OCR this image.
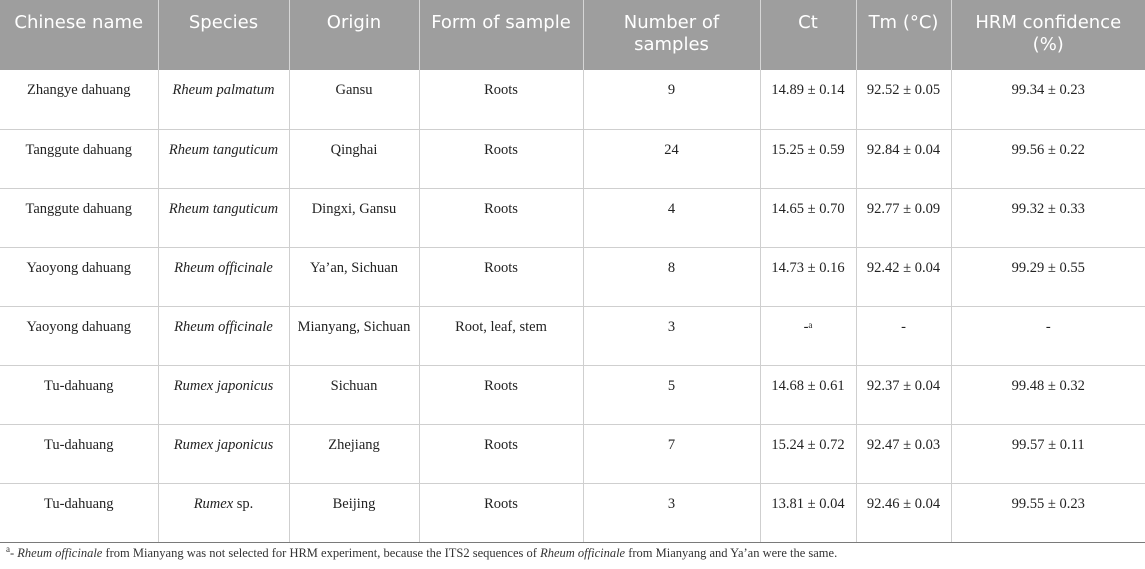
Chinese name	Species	Origin	Form of sample	Number of samples	Ct	Tm (°C)	HRM confidence (%)
Zhangye dahuang	Rheum palmatum	Gansu	Roots	9	14.89 ± 0.14	92.52 ± 0.05	99.34 ± 0.23
Tanggute dahuang	Rheum tanguticum	Qinghai	Roots	24	15.25 ± 0.59	92.84 ± 0.04	99.56 ± 0.22
Tanggute dahuang	Rheum tanguticum	Dingxi, Gansu	Roots	4	14.65 ± 0.70	92.77 ± 0.09	99.32 ± 0.33
Yaoyong dahuang	Rheum officinale	Ya’an, Sichuan	Roots	8	14.73 ± 0.16	92.42 ± 0.04	99.29 ± 0.55
Yaoyong dahuang	Rheum officinale	Mianyang, Sichuan	Root, leaf, stem	3	-$^a$	-	-
Tu-dahuang	Rumex japonicus	Sichuan	Roots	5	14.68 ± 0.61	92.37 ± 0.04	99.48 ± 0.32
Tu-dahuang	Rumex japonicus	Zhejiang	Roots	7	15.24 ± 0.72	92.47 ± 0.03	99.57 ± 0.11
Tu-dahuang	Rumex sp.	Beijing	Roots	3	13.81 ± 0.04	92.46 ± 0.04	99.55 ± 0.23
$^a$- Rheum officinale from Mianyang was not selected for HRM experiment, because the ITS2 sequences of Rheum officinale from Mianyang and Ya’an were the same.
